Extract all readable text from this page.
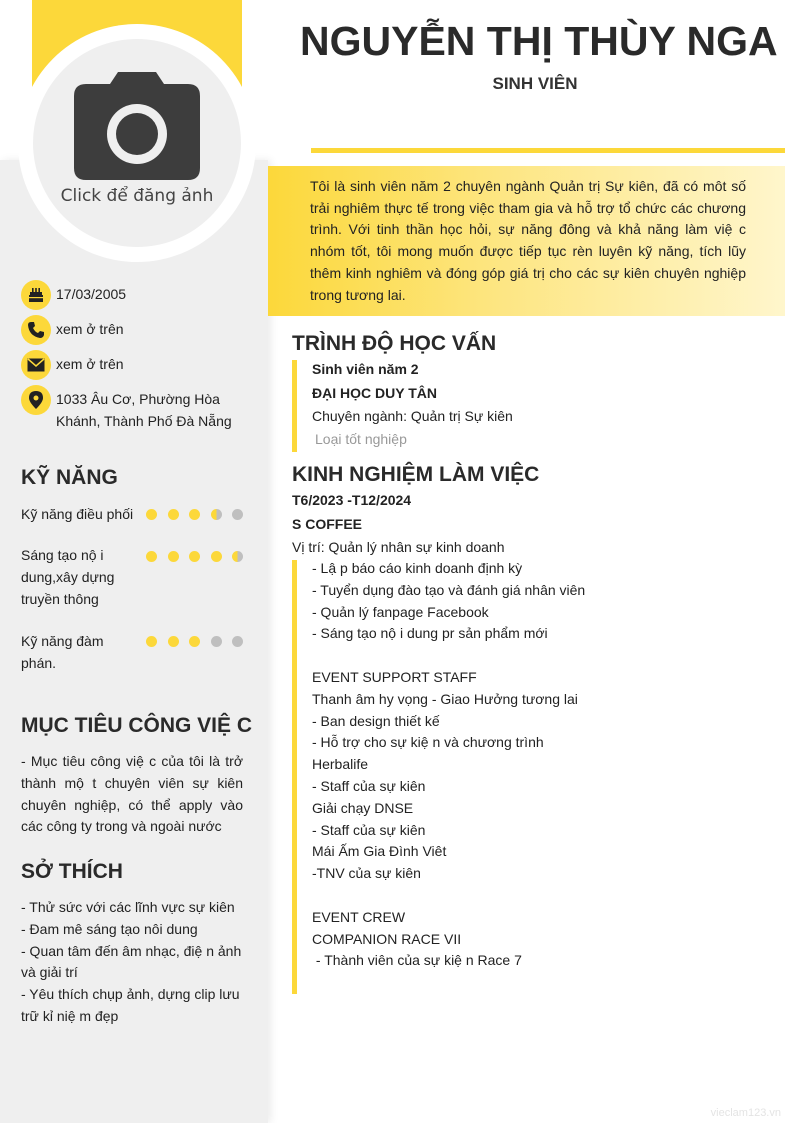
Click để đăng ảnh
NGUYỄN THỊ THÙY NGA
SINH VIÊN
Tôi là sinh viên năm 2 chuyên ngành Quản trị Sự kiên, đã có môt số trải nghiêm thực tế trong việc tham gia và hỗ trợ tổ chức các chương trình. Với tinh thần học hỏi, sự năng đông và khả năng làm việ c nhóm tốt, tôi mong muốn được tiếp tục rèn luyên kỹ năng, tích lũy thêm kinh nghiêm và đóng góp giá trị cho các sự kiên chuyên nghiệp trong tương lai.
17/03/2005
xem ở trên
xem ở trên
1033 Âu Cơ, Phường Hòa Khánh, Thành Phố Đà Nẵng
KỸ NĂNG
Kỹ năng điều phối
Sáng tạo nộ i dung,xây dựng truyền thông
Kỹ năng đàm phán.
MỤC TIÊU CÔNG VIỆ C
- Mục tiêu công việ c của tôi là trở thành mộ t chuyên viên sự kiên chuyên nghiệp, có thể apply vào các công ty trong và ngoài nước
SỞ THÍCH
- Thử sức với các lĩnh vực sự kiên
- Đam mê sáng tạo nôi dung
- Quan tâm đến âm nhạc, điệ n ảnh và giải trí
- Yêu thích chụp ảnh, dựng clip lưu trữ kỉ niệ m đẹp
TRÌNH ĐỘ HỌC VẤN
Sinh viên năm 2
ĐẠI HỌC DUY TÂN
Chuyên ngành: Quản trị Sự kiên
Loại tốt nghiệp
KINH NGHIỆM LÀM VIỆC
T6/2023 -T12/2024
S COFFEE
Vị trí: Quản lý nhân sự kinh doanh
- Lậ p báo cáo kinh doanh định kỳ
- Tuyển dụng đào tạo và đánh giá nhân viên
- Quản lý fanpage Facebook
- Sáng tạo nộ i dung pr sản phẩm mới

EVENT SUPPORT STAFF
Thanh âm hy vọng - Giao Hưởng tương lai
- Ban design thiết kế
- Hỗ trợ cho sự kiệ n và chương trình
Herbalife
- Staff của sự kiên
Giải chạy DNSE
- Staff của sự kiên
Mái Ấm Gia Đình Viêt
-TNV của sự kiên

EVENT CREW
COMPANION RACE VII
- Thành viên của sự kiệ n Race 7
vieclam123.vn
